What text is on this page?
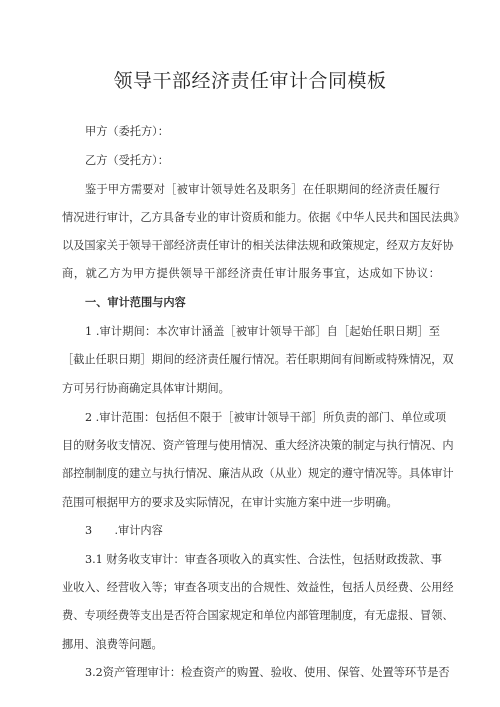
领导干部经济责任审计合同模板
甲方（委托方）：
乙方（受托方）：
鉴于甲方需要对［被审计领导姓名及职务］在任职期间的经济责任履行
情况进行审计，乙方具备专业的审计资质和能力。依据《中华人民共和国民法典》
以及国家关于领导干部经济责任审计的相关法律法规和政策规定，经双方友好协
商，就乙方为甲方提供领导干部经济责任审计服务事宜，达成如下协议：
一、审计范围与内容
1 .审计期间：本次审计涵盖［被审计领导干部］自［起始任职日期］至
［截止任职日期］期间的经济责任履行情况。若任职期间有间断或特殊情况，双
方可另行协商确定具体审计期间。
2 .审计范围：包括但不限于［被审计领导干部］所负责的部门、单位或项
目的财务收支情况、资产管理与使用情况、重大经济决策的制定与执行情况、内
部控制制度的建立与执行情况、廉洁从政（从业）规定的遵守情况等。具体审计
范围可根据甲方的要求及实际情况，在审计实施方案中进一步明确。
3　　.审计内容
3.1 财务收支审计：审查各项收入的真实性、合法性，包括财政拨款、事
业收入、经营收入等；审查各项支出的合规性、效益性，包括人员经费、公用经
费、专项经费等支出是否符合国家规定和单位内部管理制度，有无虚报、冒领、
挪用、浪费等问题。
3.2资产管理审计：检查资产的购置、验收、使用、保管、处置等环节是否
